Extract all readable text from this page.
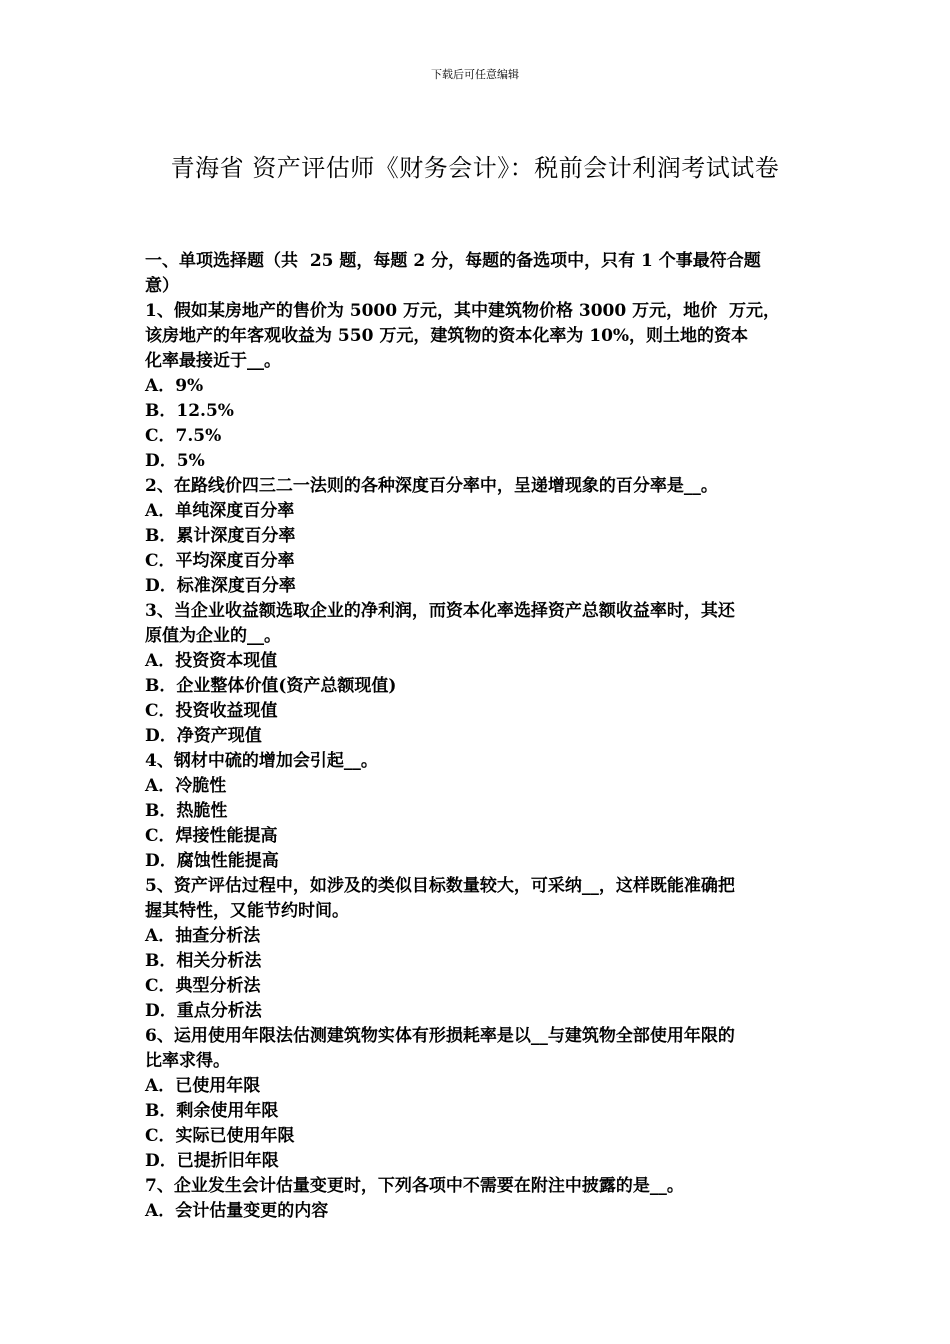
下载后可任意编辑
青海省 资产评估师《财务会计》：税前会计利润考试试卷
一、单项选择题（共  25 题，每题 2 分，每题的备选项中，只有 1 个事最符合题
意）
1、假如某房地产的售价为 5000 万元，其中建筑物价格 3000 万元，地价  万元，
该房地产的年客观收益为 550 万元，建筑物的资本化率为 10%，则土地的资本
化率最接近于__。
A．9%
B．12.5%
C．7.5%
D．5%
2、在路线价四三二一法则的各种深度百分率中，呈递增现象的百分率是__。
A．单纯深度百分率
B．累计深度百分率
C．平均深度百分率
D．标准深度百分率
3、当企业收益额选取企业的净利润，而资本化率选择资产总额收益率时，其还
原值为企业的__。
A．投资资本现值
B．企业整体价值(资产总额现值)
C．投资收益现值
D．净资产现值
4、钢材中硫的增加会引起__。
A．冷脆性
B．热脆性
C．焊接性能提高
D．腐蚀性能提高
5、资产评估过程中，如涉及的类似目标数量较大，可采纳__，这样既能准确把
握其特性，又能节约时间。
A．抽查分析法
B．相关分析法
C．典型分析法
D．重点分析法
6、运用使用年限法估测建筑物实体有形损耗率是以__与建筑物全部使用年限的
比率求得。
A．已使用年限
B．剩余使用年限
C．实际已使用年限
D．已提折旧年限
7、企业发生会计估量变更时，下列各项中不需要在附注中披露的是__。
A．会计估量变更的内容
